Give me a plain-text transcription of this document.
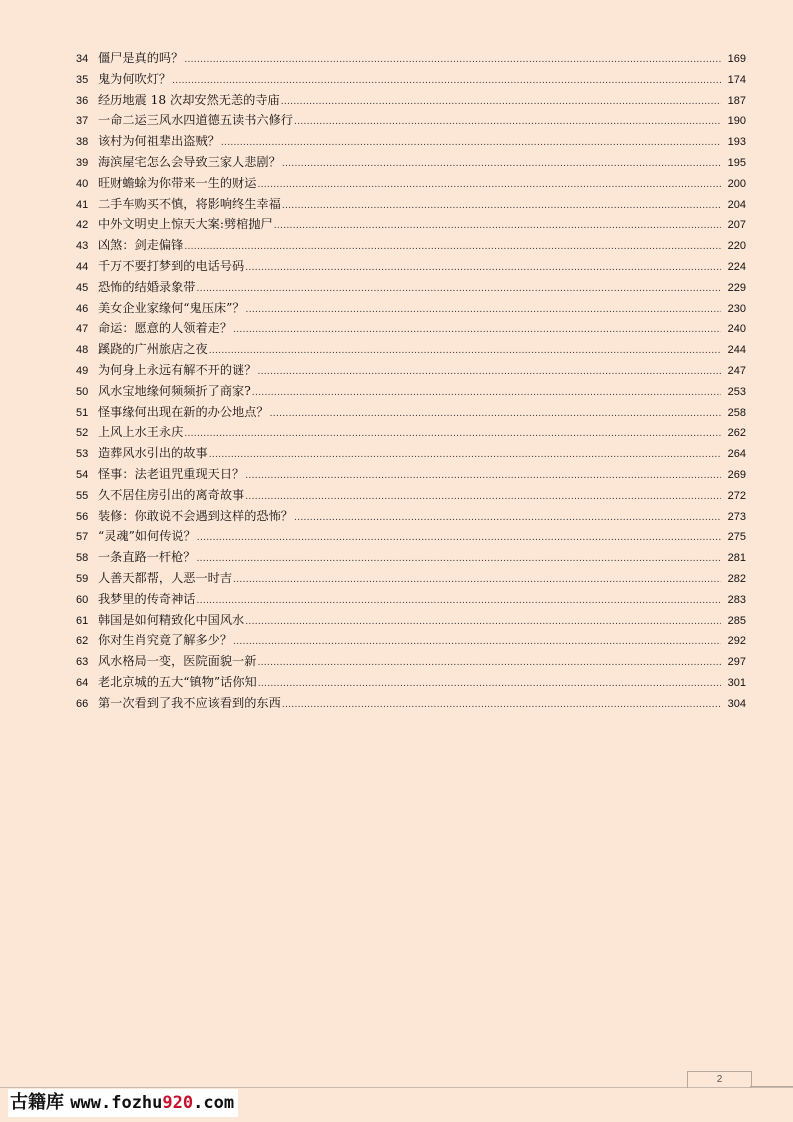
34 僵尸是真的吗？ .....	169
35 鬼为何吹灯？ .....	174
36 经历地震 18 次却安然无恙的寺庙 .....	187
37 一命二运三风水四道德五读书六修行 .....	190
38 该村为何祖辈出盗贼？ .....	193
39 海滨屋宅怎么会导致三家人悲剧？ .....	195
40 旺财蟾蜍为你带来一生的财运 .....	200
41 二手车购买不慎，将影响终生幸福 .....	204
42 中外文明史上惊天大案:劈棺抛尸 .....	207
43 凶煞：剑走偏锋 .....	220
44 千万不要打梦到的电话号码 .....	224
45 恐怖的结婚录象带 .....	229
46 美女企业家缘何“鬼压床”？ .....	230
47 命运：愿意的人领着走？ .....	240
48 蹊跷的广州旅店之夜 .....	244
49 为何身上永远有解不开的谜？ .....	247
50 风水宝地缘何频频折了商家? .....	253
51 怪事缘何出现在新的办公地点？ .....	258
52 上风上水王永庆 .....	262
53 造葬风水引出的故事 .....	264
54 怪事：法老诅咒重现天日？ .....	269
55 久不居住房引出的离奇故事 .....	272
56 装修：你敢说不会遇到这样的恐怖？ .....	273
57 “灵魂”如何传说？ .....	275
58 一条直路一杆枪？ .....	281
59 人善天都帮，人恶一时吉 .....	282
60 我梦里的传奇神话 .....	283
61 韩国是如何精致化中国风水 .....	285
62 你对生肖究竟了解多少？ .....	292
63 风水格局一变，医院面貌一新 .....	297
64 老北京城的五大“镇物”话你知 .....	301
66 第一次看到了我不应该看到的东西 .....	304
2
古籍库 www.fozhu920.com
